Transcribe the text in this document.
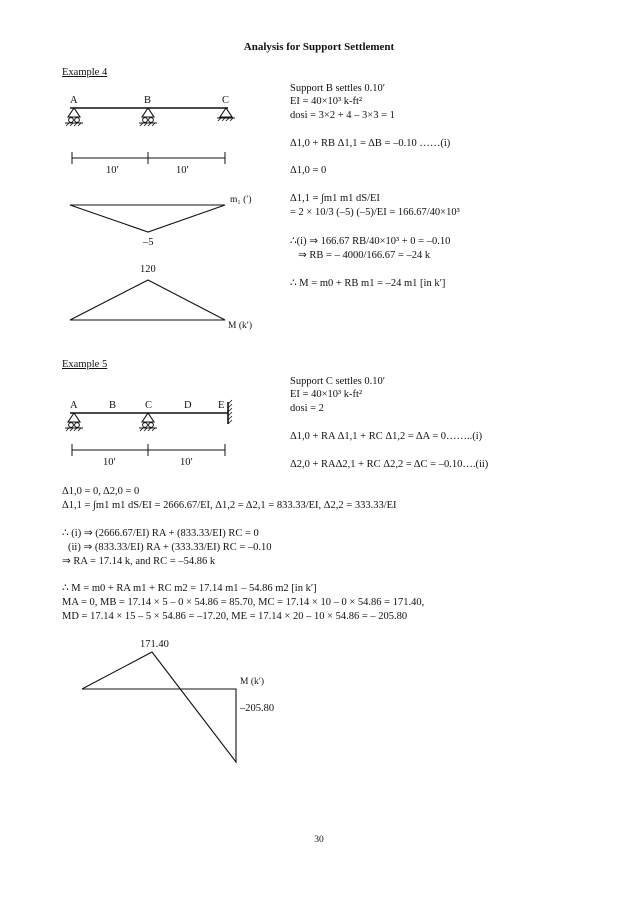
Analysis for Support Settlement
Example 4
A	B	C
10′	10′
m₁ (′)
–5
120
M (k′)
Support B settles 0.10′
EI = 40×10³ k-ft²
dosi = 3×2 + 4 – 3×3 = 1
Δ1,0 + RB Δ1,1 = ΔB = –0.10 ……(i)
Δ1,0 = 0
Δ1,1 = ∫m1 m1 dS/EI
= 2 × 10/3 (–5) (–5)/EI = 166.67/40×10³
∴(i) ⇒ 166.67 RB/40×10³ + 0 = –0.10
⇒ RB = – 4000/166.67 = –24 k
∴ M = m0 + RB m1 = –24 m1 [in k′]
Example 5
A	B	C	D	E
10′	10′
Support C settles 0.10′
EI = 40×10³ k-ft²
dosi = 2
Δ1,0 + RA Δ1,1 + RC Δ1,2 = ΔA = 0……..(i)
Δ2,0 + RAΔ2,1 + RC Δ2,2 = ΔC = –0.10….(ii)
Δ1,0 = 0, Δ2,0 = 0
Δ1,1 = ∫m1 m1 dS/EI = 2666.67/EI, Δ1,2 = Δ2,1 = 833.33/EI, Δ2,2 = 333.33/EI
∴ (i) ⇒ (2666.67/EI) RA + (833.33/EI) RC = 0
(ii) ⇒ (833.33/EI) RA + (333.33/EI) RC = –0.10
⇒ RA = 17.14 k, and RC = –54.86 k
∴ M = m0 + RA m1 + RC m2 = 17.14 m1 – 54.86 m2 [in k′]
MA = 0, MB = 17.14 × 5 – 0 × 54.86 = 85.70, MC = 17.14 × 10 – 0 × 54.86 = 171.40,
MD = 17.14 × 15 – 5 × 54.86 = –17.20, ME = 17.14 × 20 – 10 × 54.86 = – 205.80
171.40
M (k′)
–205.80
30
